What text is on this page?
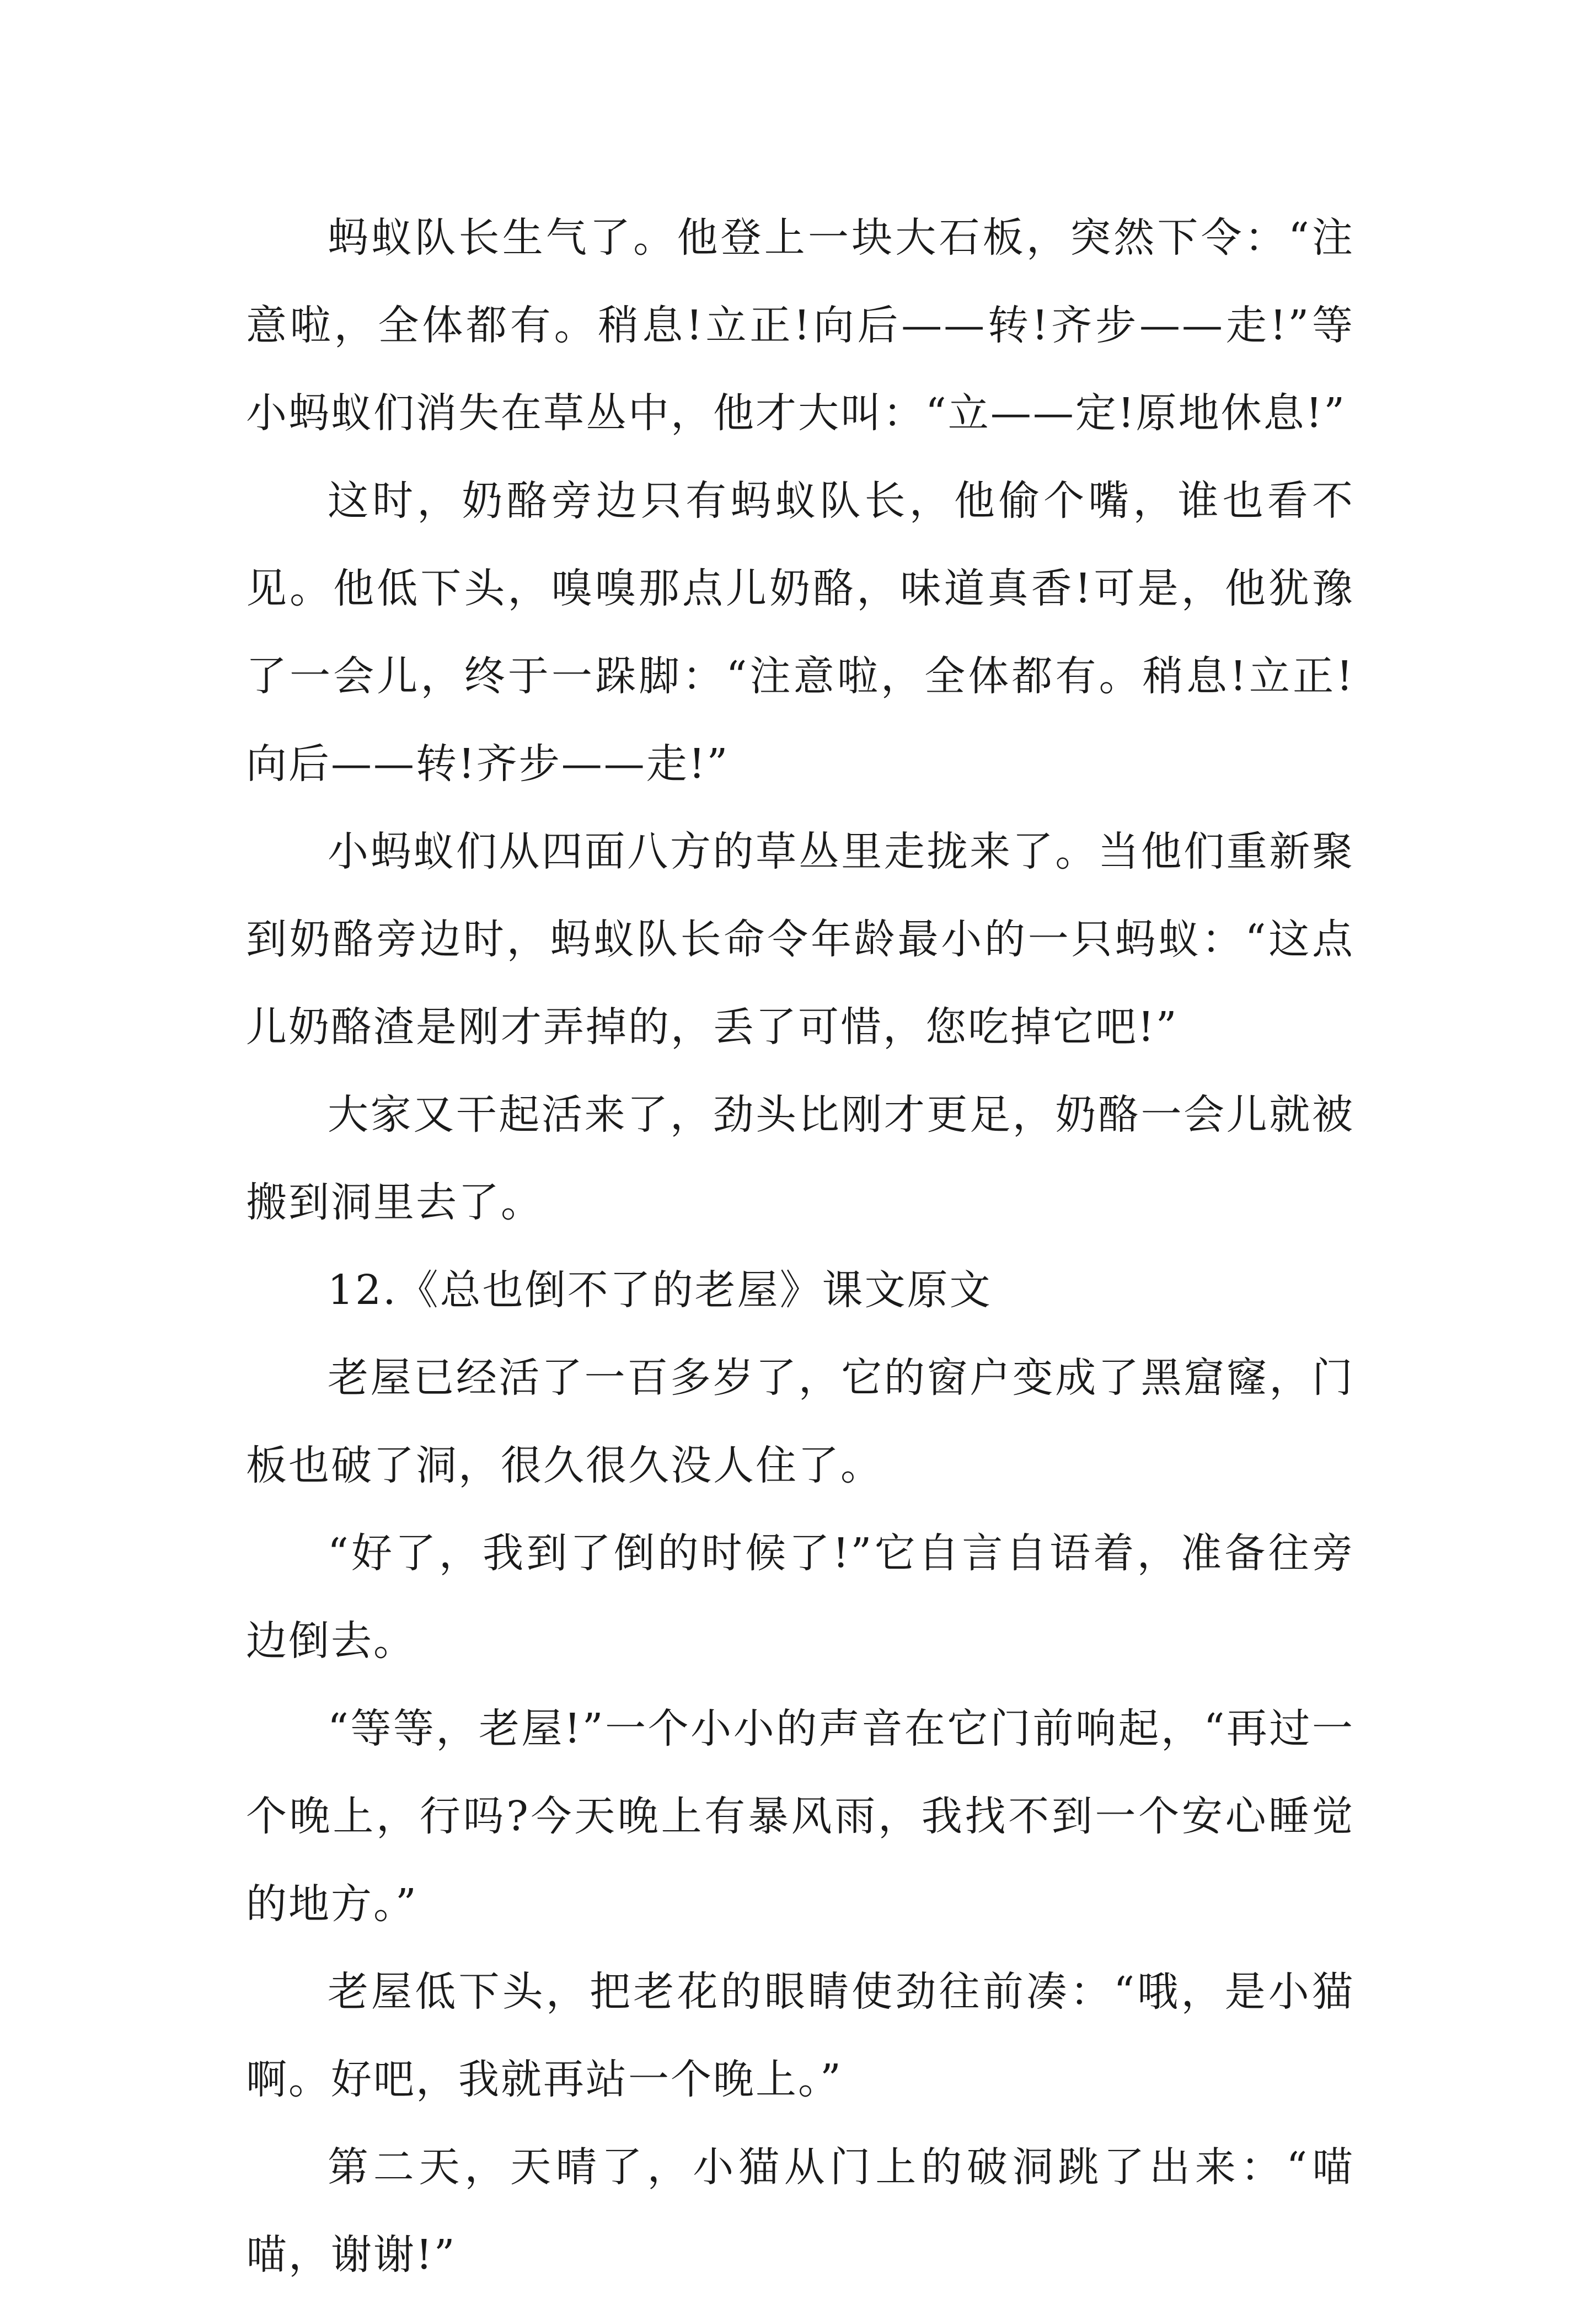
蚂蚁队长生气了。他登上一块大石板，突然下令：“注意啦，全体都有。稍息!立正!向后——转!齐步——走!”等小蚂蚁们消失在草丛中，他才大叫：“立——定!原地休息!”

这时，奶酪旁边只有蚂蚁队长，他偷个嘴，谁也看不见。他低下头，嗅嗅那点儿奶酪，味道真香!可是，他犹豫了一会儿，终于一跺脚：“注意啦，全体都有。稍息!立正!向后——转!齐步——走!”

小蚂蚁们从四面八方的草丛里走拢来了。当他们重新聚到奶酪旁边时，蚂蚁队长命令年龄最小的一只蚂蚁：“这点儿奶酪渣是刚才弄掉的，丢了可惜，您吃掉它吧!”

大家又干起活来了，劲头比刚才更足，奶酪一会儿就被搬到洞里去了。

12.《总也倒不了的老屋》课文原文

老屋已经活了一百多岁了，它的窗户变成了黑窟窿，门板也破了洞，很久很久没人住了。

“好了，我到了倒的时候了!”它自言自语着，准备往旁边倒去。

“等等，老屋!”一个小小的声音在它门前响起，“再过一个晚上，行吗?今天晚上有暴风雨，我找不到一个安心睡觉的地方。”

老屋低下头，把老花的眼睛使劲往前凑：“哦，是小猫啊。好吧，我就再站一个晚上。”

第二天，天晴了，小猫从门上的破洞跳了出来：“喵喵，谢谢!”
